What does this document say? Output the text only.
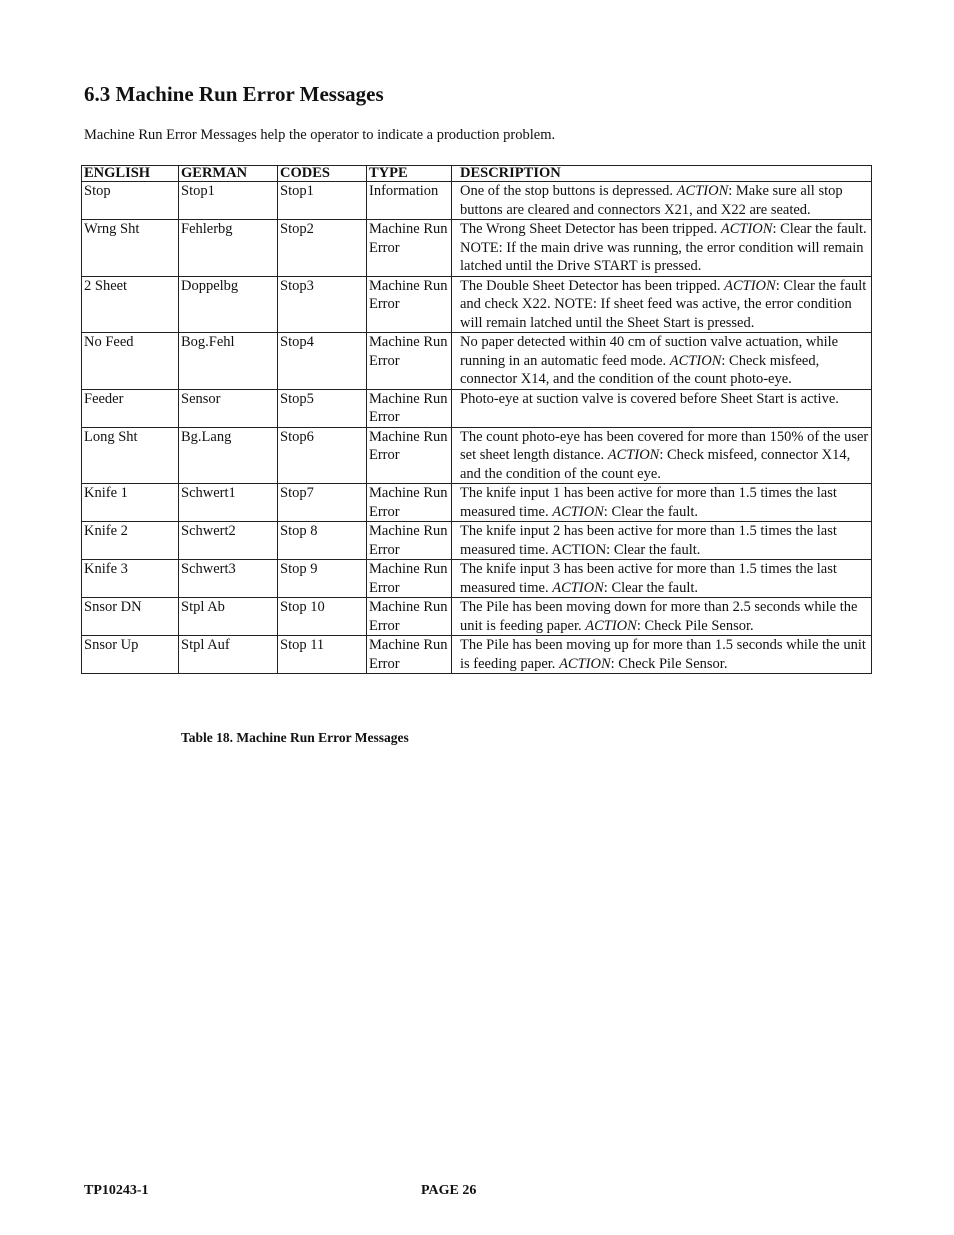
6.3 Machine Run Error Messages

Machine Run Error Messages help the operator to indicate a production problem.

ENGLISH	GERMAN	CODES	TYPE	DESCRIPTION
Stop	Stop1	Stop1	Information	One of the stop buttons is depressed. ACTION: Make sure all stop buttons are cleared and connectors X21, and X22 are seated.
Wrng Sht	Fehlerbg	Stop2	Machine Run Error	The Wrong Sheet Detector has been tripped. ACTION: Clear the fault. NOTE: If the main drive was running, the error condition will remain latched until the Drive START is pressed.
2 Sheet	Doppelbg	Stop3	Machine Run Error	The Double Sheet Detector has been tripped. ACTION: Clear the fault and check X22. NOTE: If sheet feed was active, the error condition will remain latched until the Sheet Start is pressed.
No Feed	Bog.Fehl	Stop4	Machine Run Error	No paper detected within 40 cm of suction valve actuation, while running in an automatic feed mode. ACTION: Check misfeed, connector X14, and the condition of the count photo-eye.
Feeder	Sensor	Stop5	Machine Run Error	Photo-eye at suction valve is covered before Sheet Start is active.
Long Sht	Bg.Lang	Stop6	Machine Run Error	The count photo-eye has been covered for more than 150% of the user set sheet length distance. ACTION: Check misfeed, connector X14, and the condition of the count eye.
Knife 1	Schwert1	Stop7	Machine Run Error	The knife input 1 has been active for more than 1.5 times the last measured time. ACTION: Clear the fault.
Knife 2	Schwert2	Stop 8	Machine Run Error	The knife input 2 has been active for more than 1.5 times the last measured time. ACTION: Clear the fault.
Knife 3	Schwert3	Stop 9	Machine Run Error	The knife input 3 has been active for more than 1.5 times the last measured time. ACTION: Clear the fault.
Snsor DN	Stpl Ab	Stop 10	Machine Run Error	The Pile has been moving down for more than 2.5 seconds while the unit is feeding paper. ACTION: Check Pile Sensor.
Snsor Up	Stpl Auf	Stop 11	Machine Run Error	The Pile has been moving up for more than 1.5 seconds while the unit is feeding paper. ACTION: Check Pile Sensor.

Table 18. Machine Run Error Messages

TP10243-1	PAGE 26
